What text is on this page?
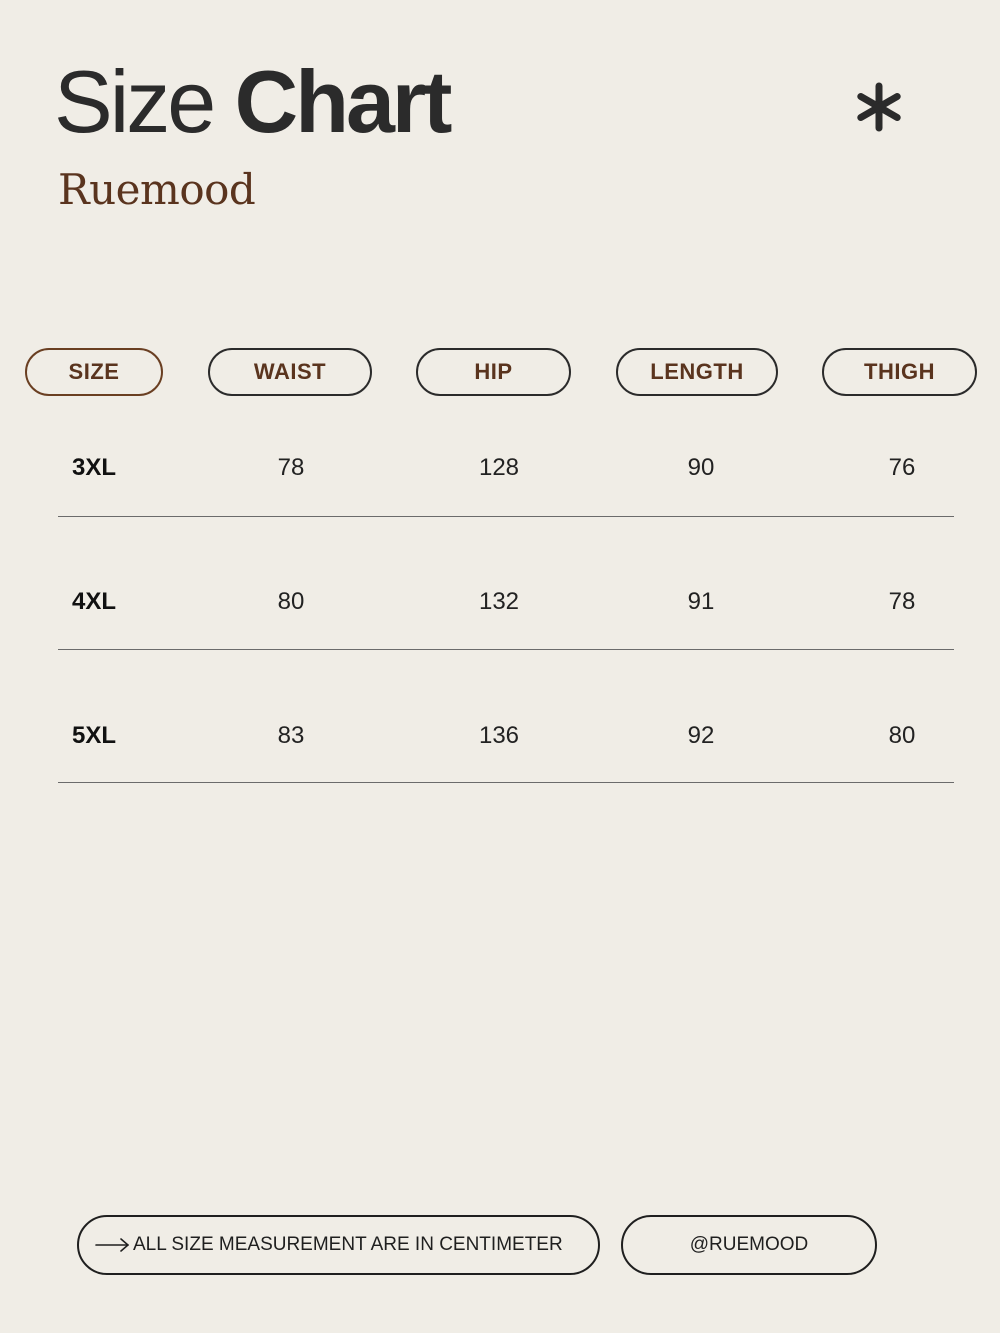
Size Chart
Ruemood
SIZE	WAIST	HIP	LENGTH	THIGH
3XL	78	128	90	76
4XL	80	132	91	78
5XL	83	136	92	80
ALL SIZE MEASUREMENT ARE IN CENTIMETER	@RUEMOOD
